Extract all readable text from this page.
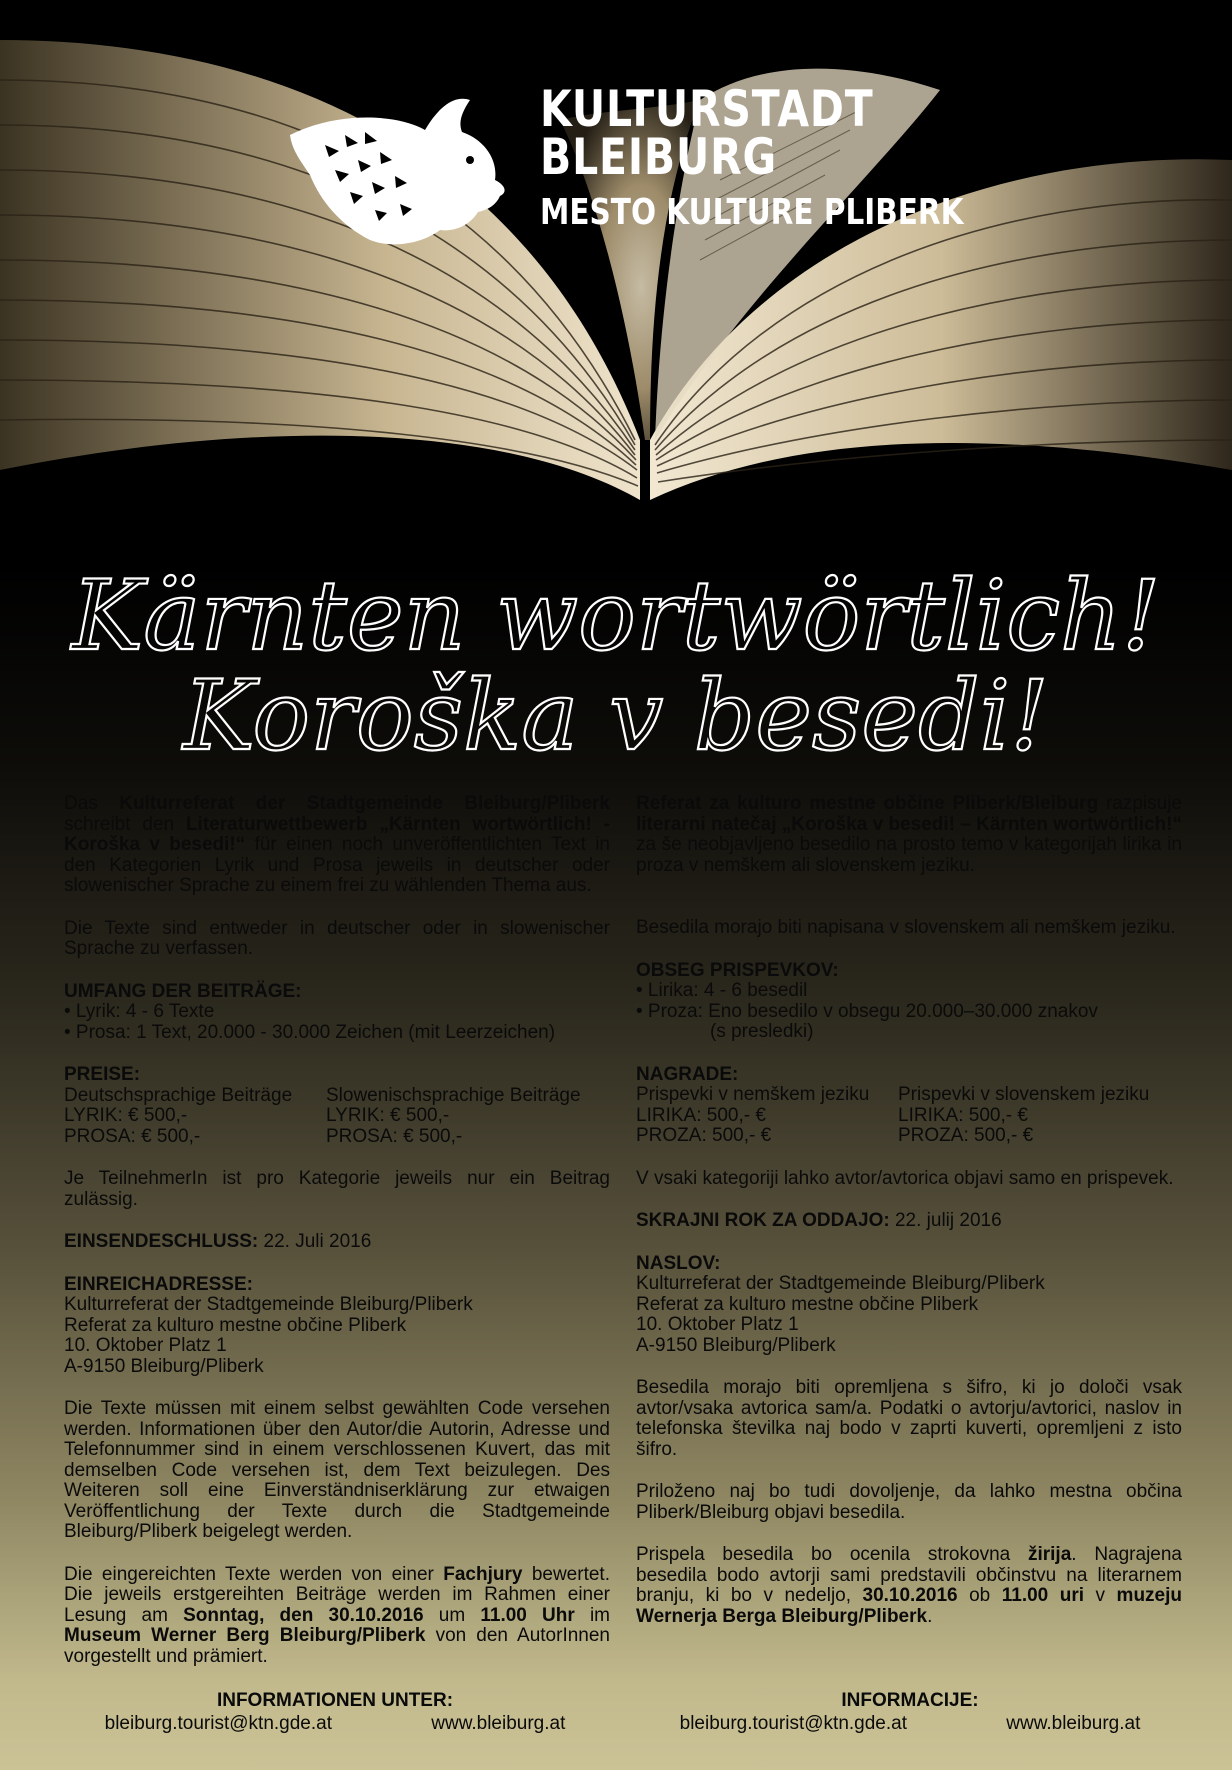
KULTURSTADT
BLEIBURG
MESTO KULTURE PLIBERK
Kärnten wortwörtlich!
Koroška v besedi!

Das Kulturreferat der Stadtgemeinde Bleiburg/Pliberk schreibt den Literaturwettbewerb „Kärnten wortwörtlich! - Koroška v besedi!“ für einen noch unveröffentlichten Text in den Kategorien Lyrik und Prosa jeweils in deutscher oder slowenischer Sprache zu einem frei zu wählenden Thema aus.

Die Texte sind entweder in deutscher oder in slowenischer Sprache zu verfassen.

UMFANG DER BEITRÄGE:
• Lyrik: 4 - 6 Texte
• Prosa: 1 Text, 20.000 - 30.000 Zeichen (mit Leerzeichen)

PREISE:
Deutschsprachige Beiträge
LYRIK: € 500,-
PROSA: € 500,-
Slowenischsprachige Beiträge
LYRIK: € 500,-
PROSA: € 500,-

Je TeilnehmerIn ist pro Kategorie jeweils nur ein Beitrag zulässig.

EINSENDESCHLUSS: 22. Juli 2016

EINREICHADRESSE:
Kulturreferat der Stadtgemeinde Bleiburg/Pliberk
Referat za kulturo mestne občine Pliberk
10. Oktober Platz 1
A-9150 Bleiburg/Pliberk

Die Texte müssen mit einem selbst gewählten Code versehen werden. Informationen über den Autor/die Autorin, Adresse und Telefonnummer sind in einem verschlossenen Kuvert, das mit demselben Code versehen ist, dem Text beizulegen. Des Weiteren soll eine Einverständniserklärung zur etwaigen Veröffentlichung der Texte durch die Stadtgemeinde Bleiburg/Pliberk beigelegt werden.

Die eingereichten Texte werden von einer Fachjury bewertet. Die jeweils erstgereihten Beiträge werden im Rahmen einer Lesung am Sonntag, den 30.10.2016 um 11.00 Uhr im Museum Werner Berg Bleiburg/Pliberk von den AutorInnen vorgestellt und prämiert.

Referat za kulturo mestne občine Pliberk/Bleiburg razpisuje literarni natečaj „Koroška v besedi! – Kärnten wortwörtlich!“ za še neobjavljeno besedilo na prosto temo v kategorijah lirika in proza v nemškem ali slovenskem jeziku.

Besedila morajo biti napisana v slovenskem ali nemškem jeziku.

OBSEG PRISPEVKOV:
• Lirika: 4 - 6 besedil
• Proza: Eno besedilo v obsegu 20.000–30.000 znakov
(s presledki)

NAGRADE:
Prispevki v nemškem jeziku
LIRIKA: 500,- €
PROZA: 500,- €
Prispevki v slovenskem jeziku
LIRIKA: 500,- €
PROZA: 500,- €

V vsaki kategoriji lahko avtor/avtorica objavi samo en prispevek.

SKRAJNI ROK ZA ODDAJO: 22. julij 2016

NASLOV:
Kulturreferat der Stadtgemeinde Bleiburg/Pliberk
Referat za kulturo mestne občine Pliberk
10. Oktober Platz 1
A-9150 Bleiburg/Pliberk

Besedila morajo biti opremljena s šifro, ki jo določi vsak avtor/vsaka avtorica sam/a. Podatki o avtorju/avtorici, naslov in telefonska številka naj bodo v zaprti kuverti, opremljeni z isto šifro.

Priloženo naj bo tudi dovoljenje, da lahko mestna občina Pliberk/Bleiburg objavi besedila.

Prispela besedila bo ocenila strokovna žirija. Nagrajena besedila bodo avtorji sami predstavili občinstvu na literarnem branju, ki bo v nedeljo, 30.10.2016 ob 11.00 uri v muzeju Wernerja Berga Bleiburg/Pliberk.

INFORMATIONEN UNTER:
bleiburg.tourist@ktn.gde.at	www.bleiburg.at
INFORMACIJE:
bleiburg.tourist@ktn.gde.at	www.bleiburg.at
